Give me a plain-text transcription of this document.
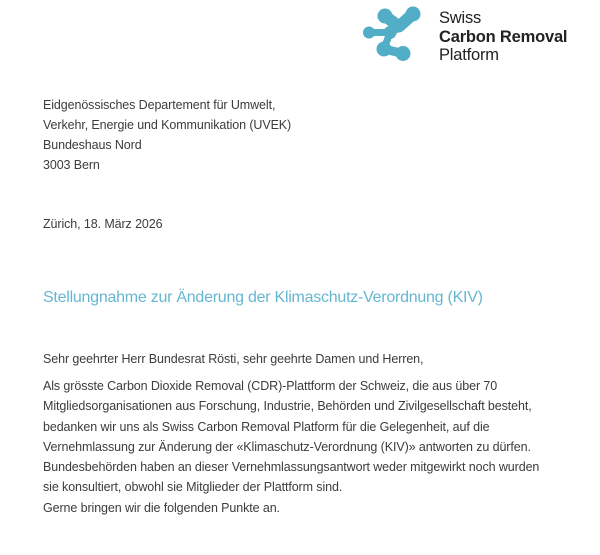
Swiss
Carbon Removal
Platform
Eidgenössisches Departement für Umwelt,
Verkehr, Energie und Kommunikation (UVEK)
Bundeshaus Nord
3003 Bern
Zürich, 18. März 2026
Stellungnahme zur Änderung der Klimaschutz-Verordnung (KIV)
Sehr geehrter Herr Bundesrat Rösti, sehr geehrte Damen und Herren,
Als grösste Carbon Dioxide Removal (CDR)-Plattform der Schweiz, die aus über 70
Mitgliedsorganisationen aus Forschung, Industrie, Behörden und Zivilgesellschaft besteht,
bedanken wir uns als Swiss Carbon Removal Platform für die Gelegenheit, auf die
Vernehmlassung zur Änderung der «Klimaschutz-Verordnung (KIV)» antworten zu dürfen.
Bundesbehörden haben an dieser Vernehmlassungsantwort weder mitgewirkt noch wurden
sie konsultiert, obwohl sie Mitglieder der Plattform sind.
Gerne bringen wir die folgenden Punkte an.
